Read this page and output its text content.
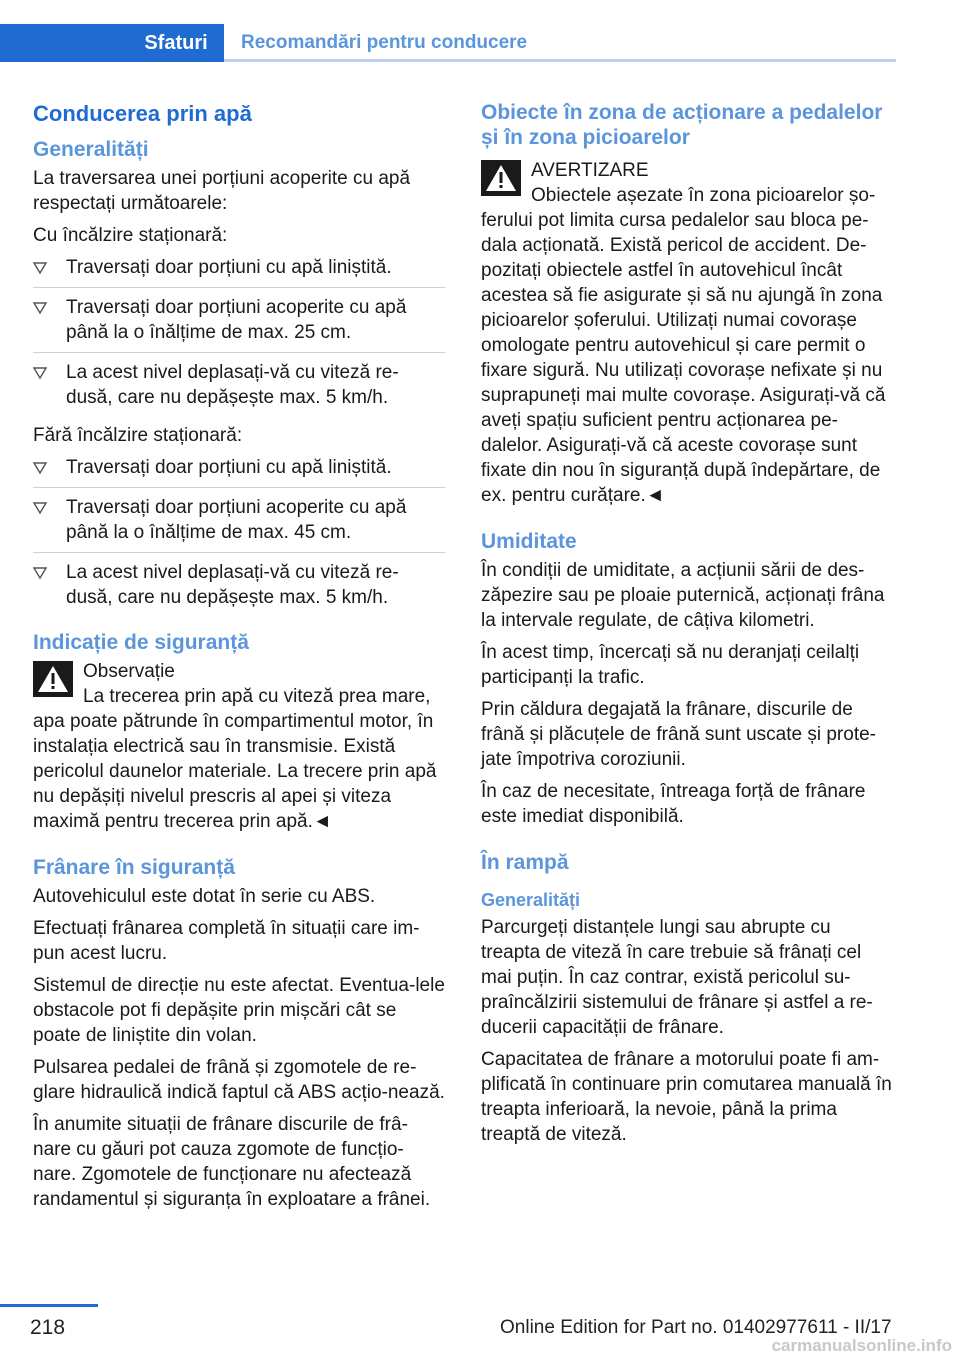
Sfaturi	Recomandări pentru conducere
Conducerea prin apă
Generalități

La traversarea unei porțiuni acoperite cu apă respectați următoarele:

Cu încălzire staționară:

Traversați doar porțiuni cu apă liniștită.
Traversați doar porțiuni acoperite cu apă până la o înălțime de max. 25 cm.
La acest nivel deplasați-vă cu viteză re-dusă, care nu depășește max. 5 km/h.

Fără încălzire staționară:

Traversați doar porțiuni cu apă liniștită.
Traversați doar porțiuni acoperite cu apă până la o înălțime de max. 45 cm.
La acest nivel deplasați-vă cu viteză re-dusă, care nu depășește max. 5 km/h.
Indicație de siguranță
Observație
La trecerea prin apă cu viteză prea mare,
apa poate pătrunde în compartimentul motor, în instalația electrică sau în transmisie. Există pericolul daunelor materiale. La trecere prin apă nu depășiți nivelul prescris al apei și viteza maximă pentru trecerea prin apă.◄
Frânare în siguranță

Autovehiculul este dotat în serie cu ABS.

Efectuați frânarea completă în situații care im-pun acest lucru.

Sistemul de direcție nu este afectat. Eventua-lele obstacole pot fi depășite prin mișcări cât se poate de liniștite din volan.

Pulsarea pedalei de frână și zgomotele de re-glare hidraulică indică faptul că ABS acțio-nează.

În anumite situații de frânare discurile de frâ-nare cu găuri pot cauza zgomote de funcțio-nare. Zgomotele de funcționare nu afectează randamentul și siguranța în exploatare a frânei.

Obiecte în zona de acționare a pedalelor și în zona picioarelor
AVERTIZARE
Obiectele așezate în zona picioarelor șo-
ferului pot limita cursa pedalelor sau bloca pe-dala acționată. Există pericol de accident. De-pozitați obiectele astfel în autovehicul încât acestea să fie asigurate și să nu ajungă în zona picioarelor șoferului. Utilizați numai covorașe omologate pentru autovehicul și care permit o fixare sigură. Nu utilizați covorașe nefixate și nu suprapuneți mai multe covorașe. Asigurați-vă că aveți spațiu suficient pentru acționarea pe-dalelor. Asigurați-vă că aceste covorașe sunt fixate din nou în siguranță după îndepărtare, de ex. pentru curățare.◄
Umiditate

În condiții de umiditate, a acțiunii sării de des-zăpezire sau pe ploaie puternică, acționați frâna la intervale regulate, de câțiva kilometri.

În acest timp, încercați să nu deranjați ceilalți participanți la trafic.

Prin căldura degajată la frânare, discurile de frână și plăcuțele de frână sunt uscate și prote-jate împotriva coroziunii.

În caz de necesitate, întreaga forță de frânare este imediat disponibilă.

În rampă
Generalități

Parcurgeți distanțele lungi sau abrupte cu treapta de viteză în care trebuie să frânați cel mai puțin. În caz contrar, există pericolul su-praîncălzirii sistemului de frânare și astfel a re-ducerii capacității de frânare.

Capacitatea de frânare a motorului poate fi am-plificată în continuare prin comutarea manuală în treapta inferioară, la nevoie, până la prima treaptă de viteză.

218	Online Edition for Part no. 01402977611 - II/17
carmanualsonline.info
